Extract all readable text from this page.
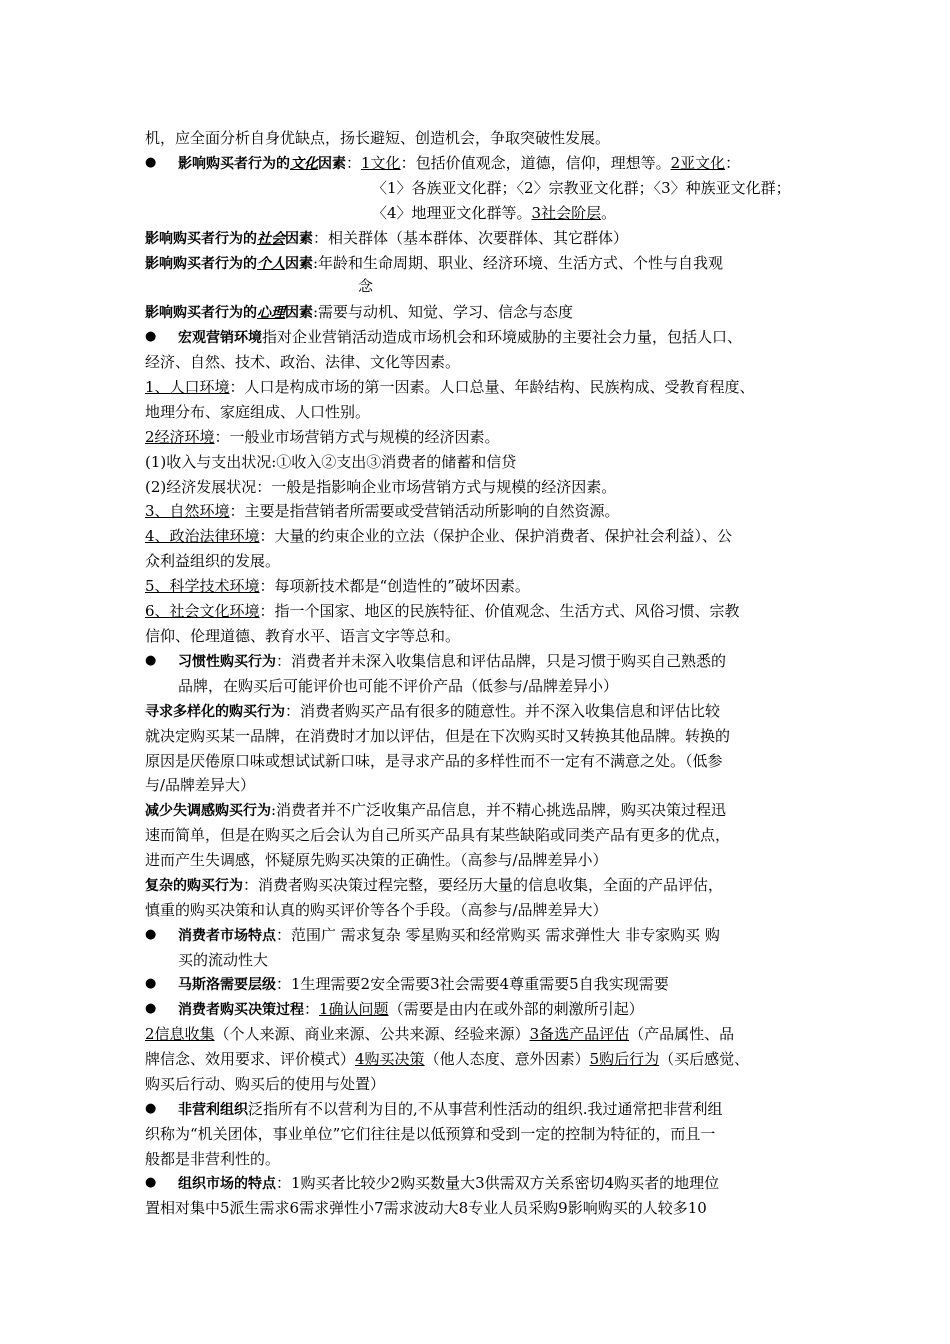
机，应全面分析自身优缺点，扬长避短、创造机会，争取突破性发展。
● 影响购买者行为的文化因素：1文化：包括价值观念，道德，信仰，理想等。2亚文化：
〈1〉各族亚文化群；〈2〉宗教亚文化群；〈3〉种族亚文化群；
〈4〉地理亚文化群等。3社会阶层。
影响购买者行为的社会因素：相关群体（基本群体、次要群体、其它群体）
影响购买者行为的个人因素:年龄和生命周期、职业、经济环境、生活方式、个性与自我观
念
影响购买者行为的心理因素:需要与动机、知觉、学习、信念与态度
● 宏观营销环境指对企业营销活动造成市场机会和环境威胁的主要社会力量，包括人口、
经济、自然、技术、政治、法律、文化等因素。
1、人口环境：人口是构成市场的第一因素。人口总量、年龄结构、民族构成、受教育程度、
地理分布、家庭组成、人口性别。
2经济环境：一般业市场营销方式与规模的经济因素。
(1)收入与支出状况:①收入②支出③消费者的储蓄和信贷
(2)经济发展状况：一般是指影响企业市场营销方式与规模的经济因素。
3、自然环境：主要是指营销者所需要或受营销活动所影响的自然资源。
4、政治法律环境：大量的约束企业的立法（保护企业、保护消费者、保护社会利益）、公
众利益组织的发展。
5、科学技术环境：每项新技术都是“创造性的”破坏因素。
6、社会文化环境：指一个国家、地区的民族特征、价值观念、生活方式、风俗习惯、宗教
信仰、伦理道德、教育水平、语言文字等总和。
● 习惯性购买行为：消费者并未深入收集信息和评估品牌，只是习惯于购买自己熟悉的
品牌，在购买后可能评价也可能不评价产品（低参与/品牌差异小）
寻求多样化的购买行为：消费者购买产品有很多的随意性。并不深入收集信息和评估比较
就决定购买某一品牌，在消费时才加以评估，但是在下次购买时又转换其他品牌。转换的
原因是厌倦原口味或想试试新口味，是寻求产品的多样性而不一定有不满意之处。（低参
与/品牌差异大）
减少失调感购买行为:消费者并不广泛收集产品信息，并不精心挑选品牌，购买决策过程迅
速而简单，但是在购买之后会认为自己所买产品具有某些缺陷或同类产品有更多的优点，
进而产生失调感，怀疑原先购买决策的正确性。（高参与/品牌差异小）
复杂的购买行为：消费者购买决策过程完整，要经历大量的信息收集，全面的产品评估，
慎重的购买决策和认真的购买评价等各个手段。（高参与/品牌差异大）
● 消费者市场特点：范围广 需求复杂 零星购买和经常购买 需求弹性大 非专家购买 购
买的流动性大
● 马斯洛需要层级：1生理需要2安全需要3社会需要4尊重需要5自我实现需要
● 消费者购买决策过程：1确认问题（需要是由内在或外部的刺激所引起）
2信息收集（个人来源、商业来源、公共来源、经验来源）3备选产品评估（产品属性、品
牌信念、效用要求、评价模式）4购买决策（他人态度、意外因素）5购后行为（买后感觉、
购买后行动、购买后的使用与处置）
● 非营利组织泛指所有不以营利为目的,不从事营利性活动的组织.我过通常把非营利组
织称为“机关团体，事业单位”它们往往是以低预算和受到一定的控制为特征的，而且一
般都是非营利性的。
● 组织市场的特点：1购买者比较少2购买数量大3供需双方关系密切4购买者的地理位
置相对集中5派生需求6需求弹性小7需求波动大8专业人员采购9影响购买的人较多10
